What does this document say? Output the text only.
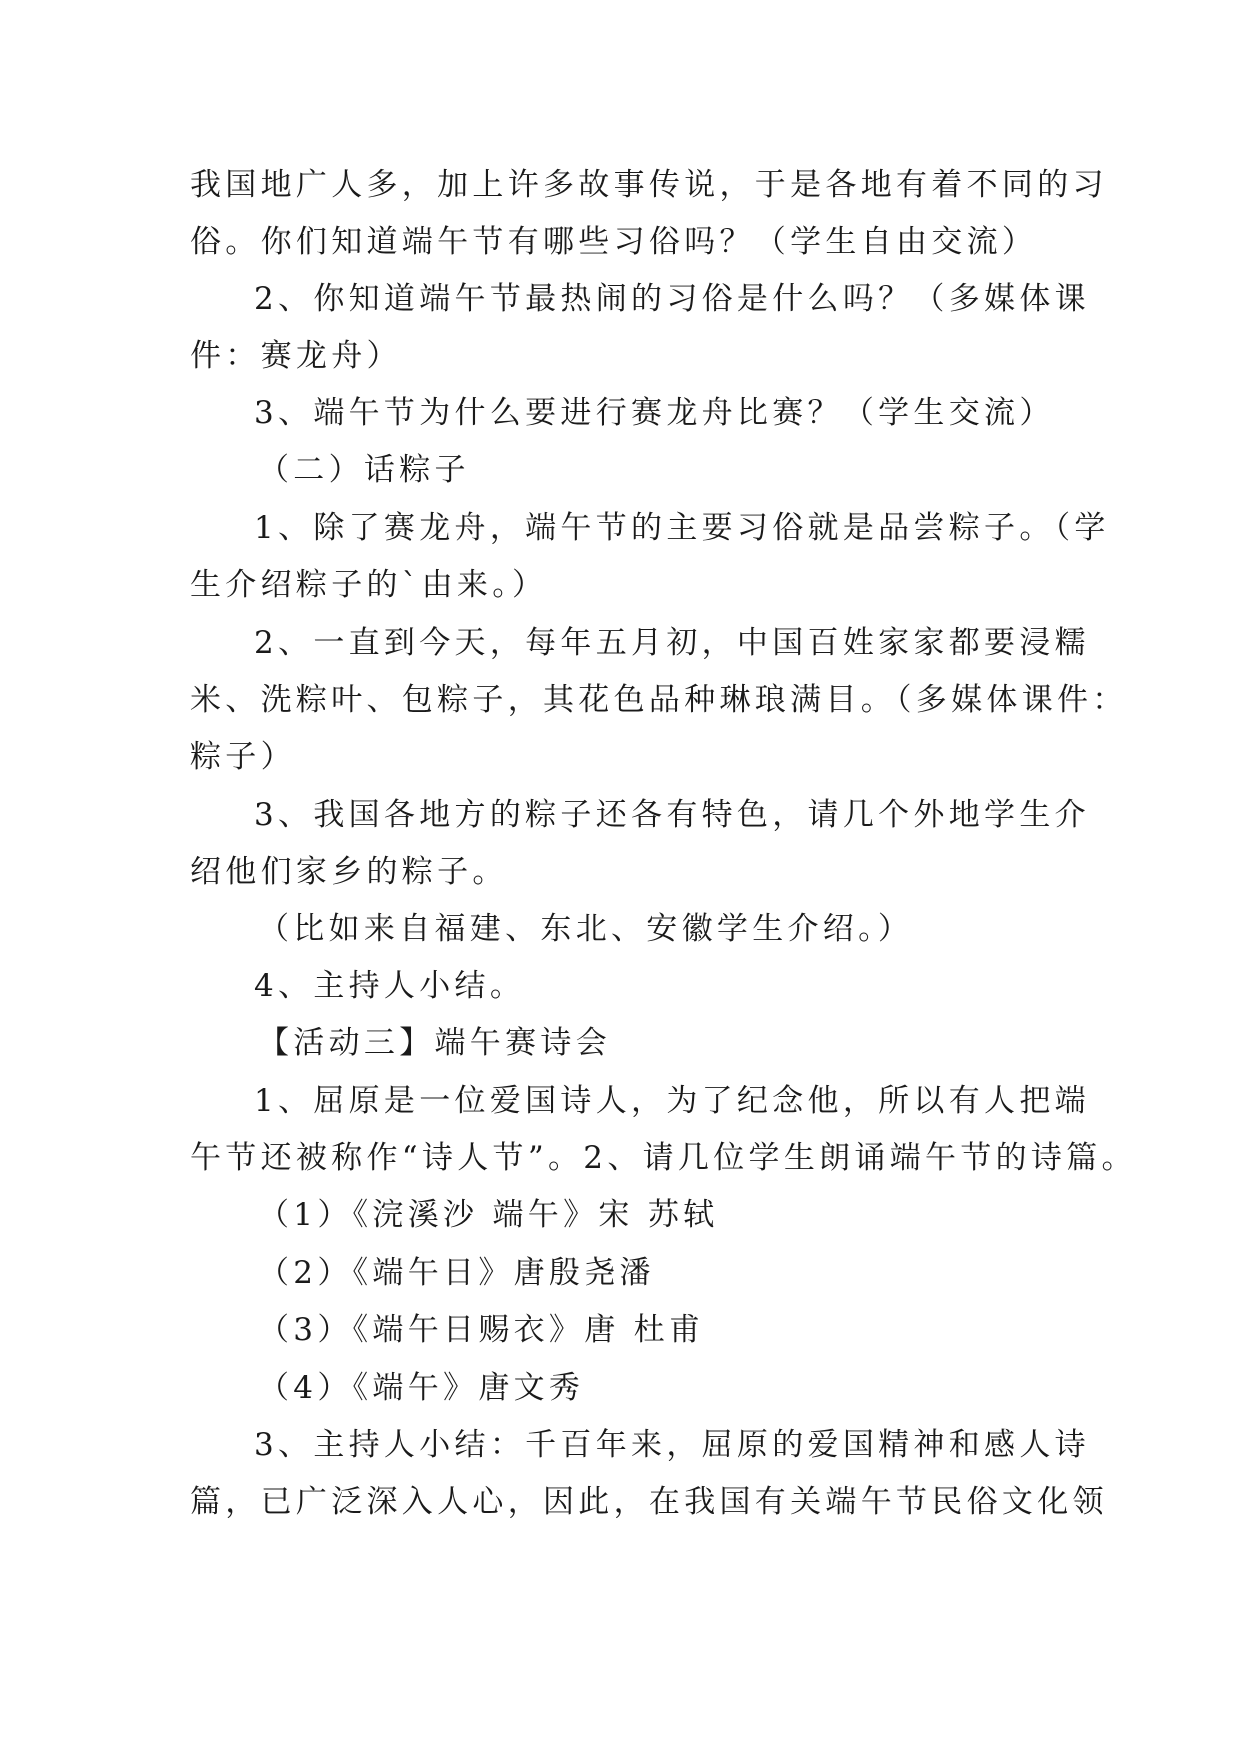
我国地广人多，加上许多故事传说，于是各地有着不同的习
俗。你们知道端午节有哪些习俗吗？（学生自由交流）
2、你知道端午节最热闹的习俗是什么吗？（多媒体课
件：赛龙舟）
3、端午节为什么要进行赛龙舟比赛？（学生交流）
（二）话粽子
1、除了赛龙舟，端午节的主要习俗就是品尝粽子。（学
生介绍粽子的`由来。）
2、一直到今天，每年五月初，中国百姓家家都要浸糯
米、洗粽叶、包粽子，其花色品种琳琅满目。（多媒体课件：
粽子）
3、我国各地方的粽子还各有特色，请几个外地学生介
绍他们家乡的粽子。
（比如来自福建、东北、安徽学生介绍。）
4、主持人小结。
【活动三】端午赛诗会
1、屈原是一位爱国诗人，为了纪念他，所以有人把端
午节还被称作“诗人节”。2、请几位学生朗诵端午节的诗篇。
（1）《浣溪沙 端午》宋 苏轼
（2）《端午日》唐殷尧潘
（3）《端午日赐衣》唐 杜甫
（4）《端午》唐文秀
3、主持人小结：千百年来，屈原的爱国精神和感人诗
篇，已广泛深入人心，因此，在我国有关端午节民俗文化领
